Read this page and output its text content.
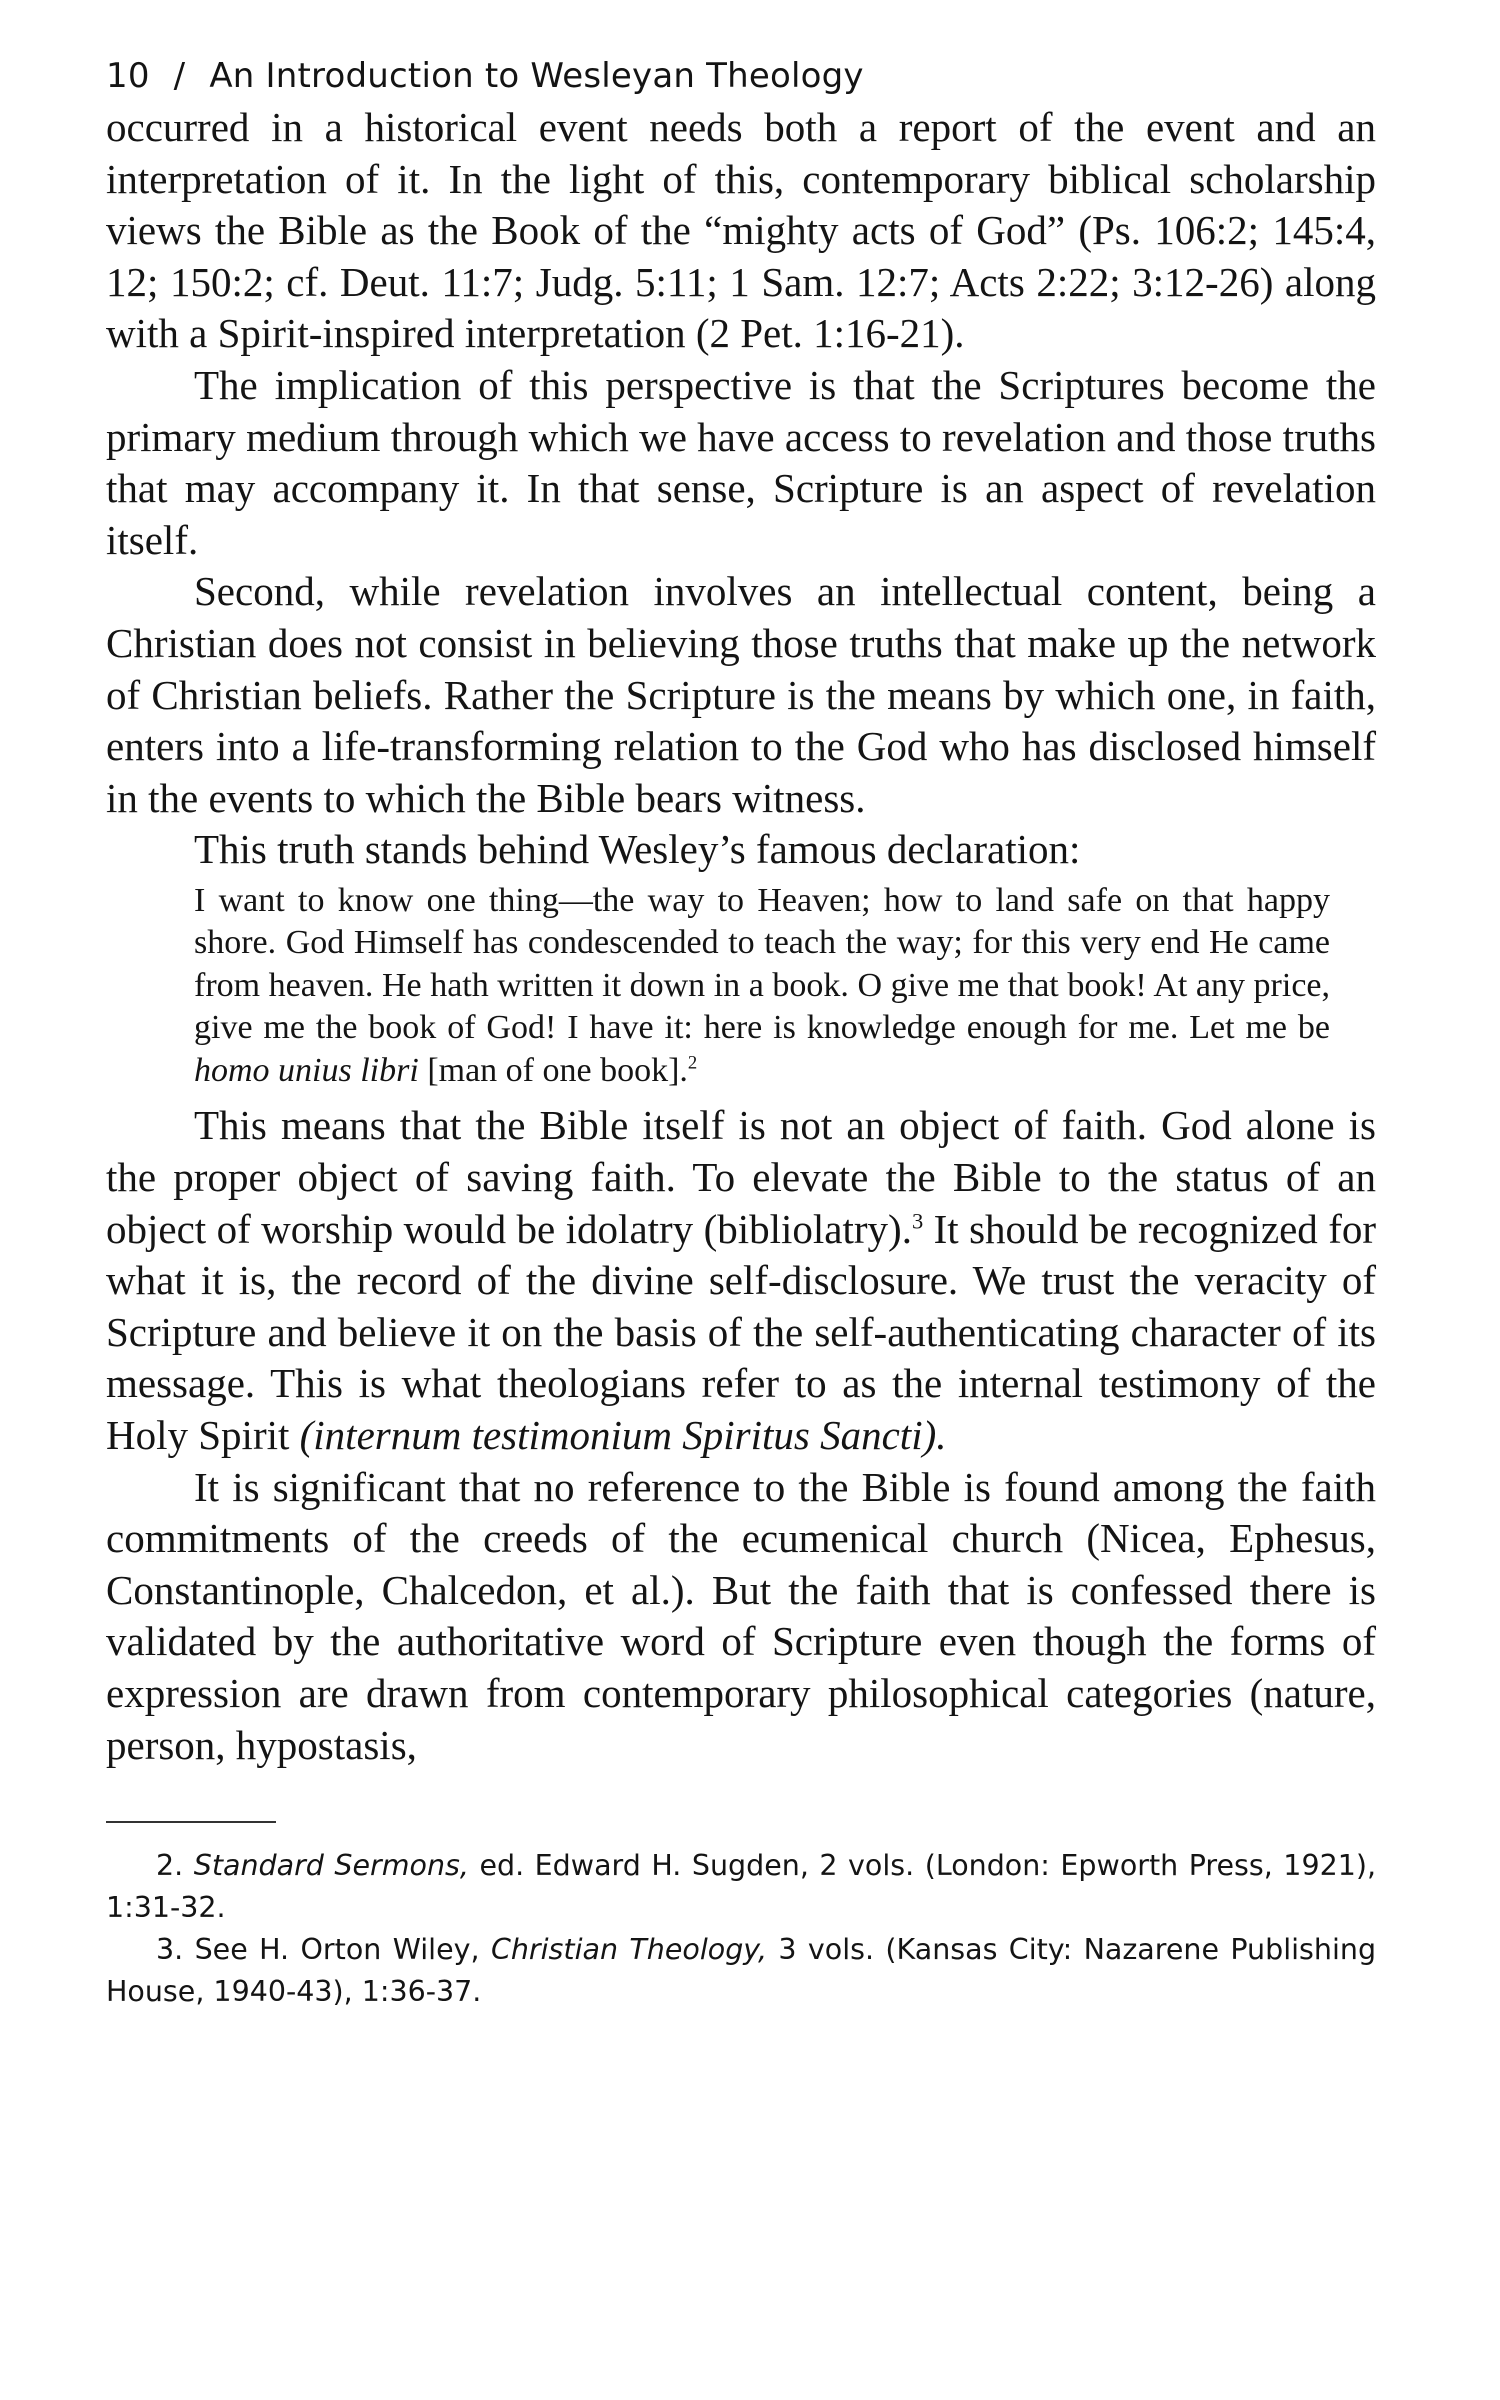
10 / An Introduction to Wesleyan Theology

occurred in a historical event needs both a report of the event and an interpretation of it. In the light of this, contemporary biblical scholarship views the Bible as the Book of the “mighty acts of God” (Ps. 106:2; 145:4, 12; 150:2; cf. Deut. 11:7; Judg. 5:11; 1 Sam. 12:7; Acts 2:22; 3:12-26) along with a Spirit-inspired interpretation (2 Pet. 1:16-21).

The implication of this perspective is that the Scriptures become the primary medium through which we have access to revelation and those truths that may accompany it. In that sense, Scripture is an aspect of revelation itself.

Second, while revelation involves an intellectual content, being a Christian does not consist in believing those truths that make up the network of Christian beliefs. Rather the Scripture is the means by which one, in faith, enters into a life-transforming relation to the God who has disclosed himself in the events to which the Bible bears witness.

This truth stands behind Wesley’s famous declaration:

I want to know one thing—the way to Heaven; how to land safe on that happy shore. God Himself has condescended to teach the way; for this very end He came from heaven. He hath written it down in a book. O give me that book! At any price, give me the book of God! I have it: here is knowledge enough for me. Let me be homo unius libri [man of one book].$^2$

This means that the Bible itself is not an object of faith. God alone is the proper object of saving faith. To elevate the Bible to the status of an object of worship would be idolatry (bibliolatry).$^3$ It should be recognized for what it is, the record of the divine self-disclosure. We trust the veracity of Scripture and believe it on the basis of the self-authenticating character of its message. This is what theologians refer to as the internal testimony of the Holy Spirit (internum testimonium Spiritus Sancti).

It is significant that no reference to the Bible is found among the faith commitments of the creeds of the ecumenical church (Nicea, Ephesus, Constantinople, Chalcedon, et al.). But the faith that is confessed there is validated by the authoritative word of Scripture even though the forms of expression are drawn from contemporary philosophical categories (nature, person, hypostasis,

2. Standard Sermons, ed. Edward H. Sugden, 2 vols. (London: Epworth Press, 1921), 1:31-32.

3. See H. Orton Wiley, Christian Theology, 3 vols. (Kansas City: Nazarene Publishing House, 1940-43), 1:36-37.
